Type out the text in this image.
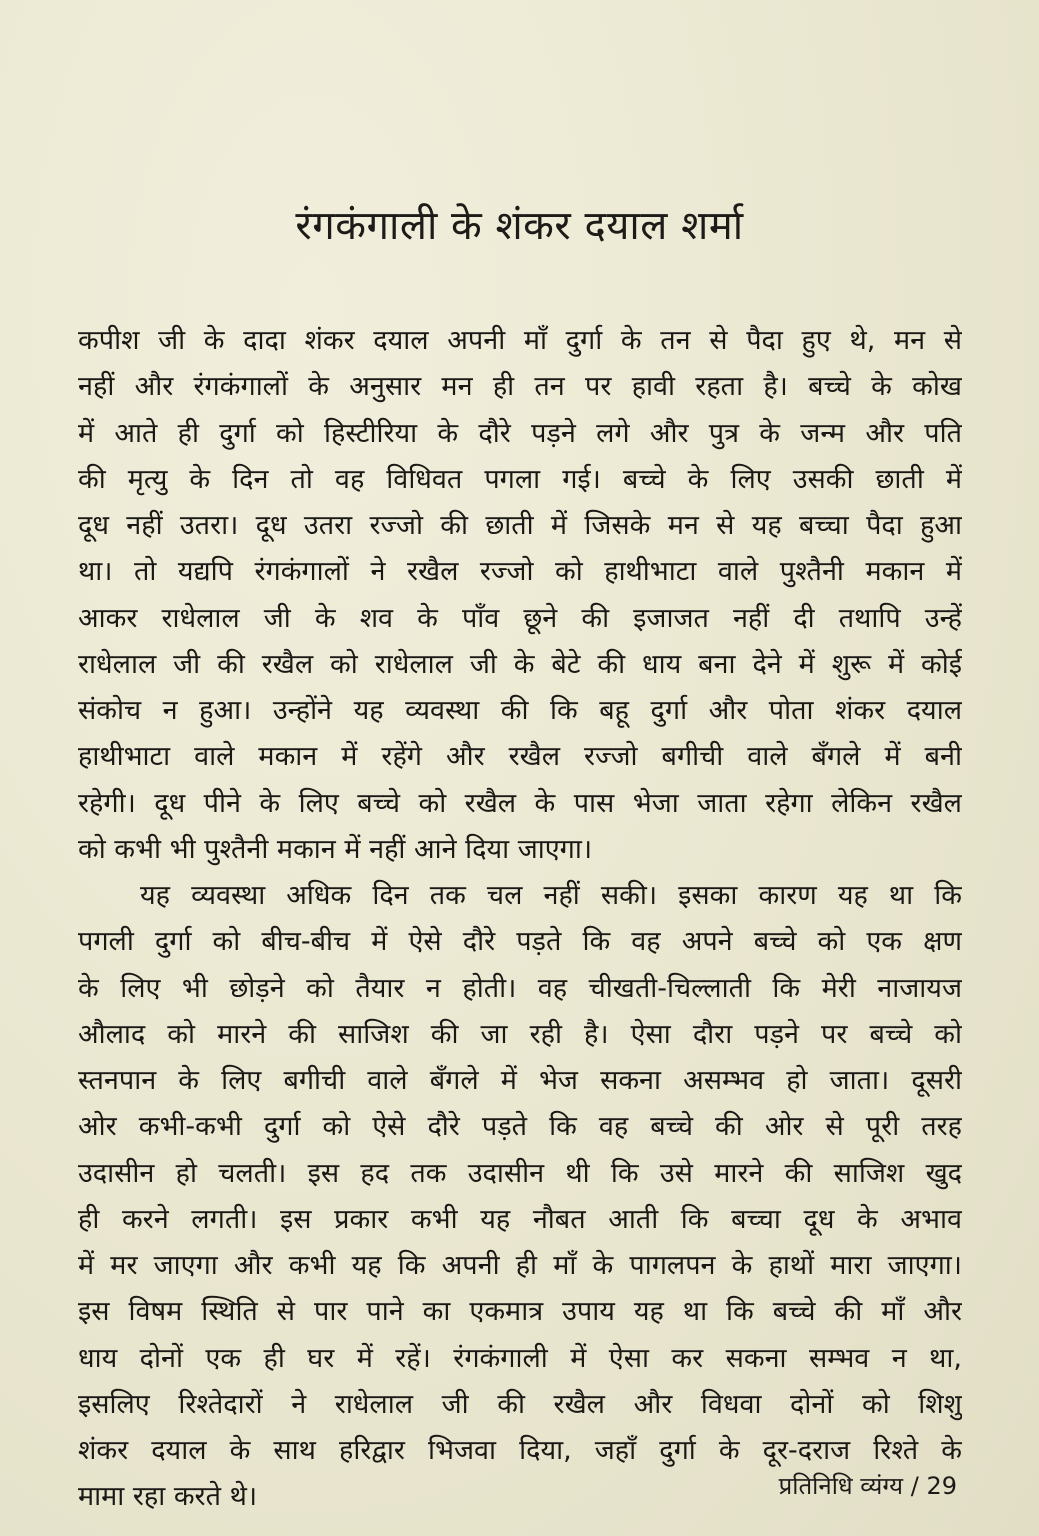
रंगकंगाली के शंकर दयाल शर्मा
कपीश जी के दादा शंकर दयाल अपनी माँ दुर्गा के तन से पैदा हुए थे, मन से
नहीं और रंगकंगालों के अनुसार मन ही तन पर हावी रहता है। बच्चे के कोख
में आते ही दुर्गा को हिस्टीरिया के दौरे पड़ने लगे और पुत्र के जन्म और पति
की मृत्यु के दिन तो वह विधिवत पगला गई। बच्चे के लिए उसकी छाती में
दूध नहीं उतरा। दूध उतरा रज्जो की छाती में जिसके मन से यह बच्चा पैदा हुआ
था। तो यद्यपि रंगकंगालों ने रखैल रज्जो को हाथीभाटा वाले पुश्तैनी मकान में
आकर राधेलाल जी के शव के पाँव छूने की इजाजत नहीं दी तथापि उन्हें
राधेलाल जी की रखैल को राधेलाल जी के बेटे की धाय बना देने में शुरू में कोई
संकोच न हुआ। उन्होंने यह व्यवस्था की कि बहू दुर्गा और पोता शंकर दयाल
हाथीभाटा वाले मकान में रहेंगे और रखैल रज्जो बगीची वाले बँगले में बनी
रहेगी। दूध पीने के लिए बच्चे को रखैल के पास भेजा जाता रहेगा लेकिन रखैल
को कभी भी पुश्तैनी मकान में नहीं आने दिया जाएगा।
यह व्यवस्था अधिक दिन तक चल नहीं सकी। इसका कारण यह था कि
पगली दुर्गा को बीच-बीच में ऐसे दौरे पड़ते कि वह अपने बच्चे को एक क्षण
के लिए भी छोड़ने को तैयार न होती। वह चीखती-चिल्लाती कि मेरी नाजायज
औलाद को मारने की साजिश की जा रही है। ऐसा दौरा पड़ने पर बच्चे को
स्तनपान के लिए बगीची वाले बँगले में भेज सकना असम्भव हो जाता। दूसरी
ओर कभी-कभी दुर्गा को ऐसे दौरे पड़ते कि वह बच्चे की ओर से पूरी तरह
उदासीन हो चलती। इस हद तक उदासीन थी कि उसे मारने की साजिश खुद
ही करने लगती। इस प्रकार कभी यह नौबत आती कि बच्चा दूध के अभाव
में मर जाएगा और कभी यह कि अपनी ही माँ के पागलपन के हाथों मारा जाएगा।
इस विषम स्थिति से पार पाने का एकमात्र उपाय यह था कि बच्चे की माँ और
धाय दोनों एक ही घर में रहें। रंगकंगाली में ऐसा कर सकना सम्भव न था,
इसलिए रिश्तेदारों ने राधेलाल जी की रखैल और विधवा दोनों को शिशु
शंकर दयाल के साथ हरिद्वार भिजवा दिया, जहाँ दुर्गा के दूर-दराज रिश्ते के
मामा रहा करते थे।	प्रतिनिधि व्यंग्य / 29
